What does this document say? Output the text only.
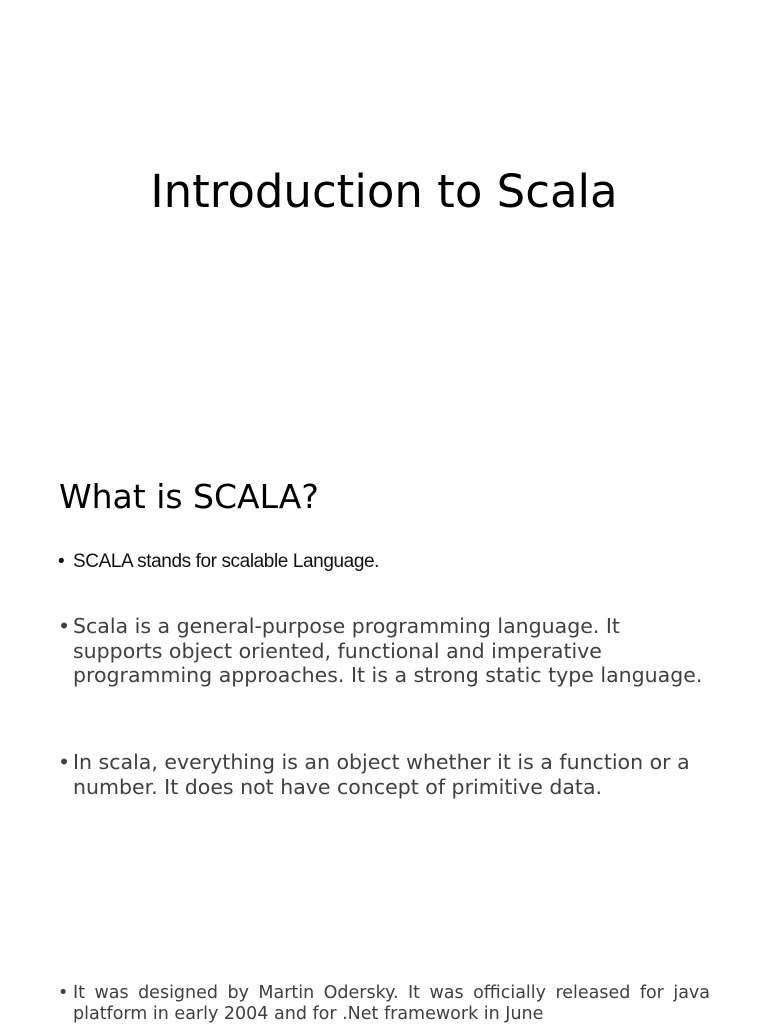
Introduction to Scala
What is SCALA?

• SCALA stands for scalable Language.

• Scala is a general-purpose programming language. It supports object oriented, functional and imperative programming approaches. It is a strong static type language.

• In scala, everything is an object whether it is a function or a number. It does not have concept of primitive data.

• It was designed by Martin Odersky. It was officially released for java platform in early 2004 and for .Net framework in June
